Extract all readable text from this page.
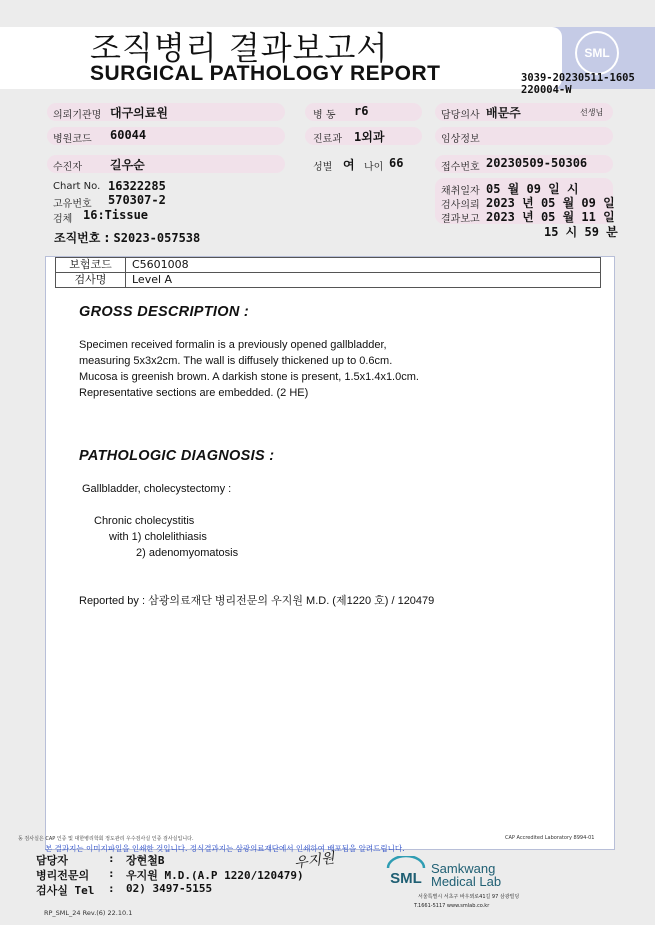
조직병리 결과보고서
SURGICAL PATHOLOGY REPORT
SML
3039-20230511-1605
220004-W
의뢰기관명 대구의료원	병 동 r6	담당의사 배문주	선생님
병원코드 60044	진료과 1외과	임상정보
수진자 길우순	성별 여 나이 66	접수번호 20230509-50306
Chart No. 16322285
고유번호 570307-2
검체 16:Tissue
채취일자 05 월 09 일 시
검사의뢰 2023 년 05 월 09 일
결과보고 2023 년 05 월 11 일
15 시 59 분
조직번호 : S2023-057538
보험코드	C5601008
검사명	Level A
GROSS DESCRIPTION :
Specimen received formalin is a previously opened gallbladder,
measuring 5x3x2cm. The wall is diffusely thickened up to 0.6cm.
Mucosa is greenish brown. A darkish stone is present, 1.5x1.4x1.0cm.
Representative sections are embedded. (2 HE)
PATHOLOGIC DIAGNOSIS :
Gallbladder, cholecystectomy :
Chronic cholecystitis
with 1) cholelithiasis
2) adenomyomatosis
Reported by : 삼광의료재단 병리전문의 우지원 M.D. (제1220 호) / 120479
동 검사실은 CAP 인증 및 대한병리학회 정도관리 우수검사실 인증 검사실입니다.	CAP Accredited Laboratory 8994-01
본 결과지는 이미지파일을 인쇄한 것입니다. 정식결과지는 삼광의료재단에서 인쇄하여 배포됨을 알려드립니다.
담당자	: 장현철B
병리전문의 : 우지원 M.D.(A.P 1220/120479)
검사실 Tel : 02) 3497-5155
우지원
SML
Samkwang
Medical Lab
서울특별시 서초구 바우뫼로41길 97 삼광빌딩
T.1661-5117 www.smlab.co.kr
RP_SML_24 Rev.(6) 22.10.1
